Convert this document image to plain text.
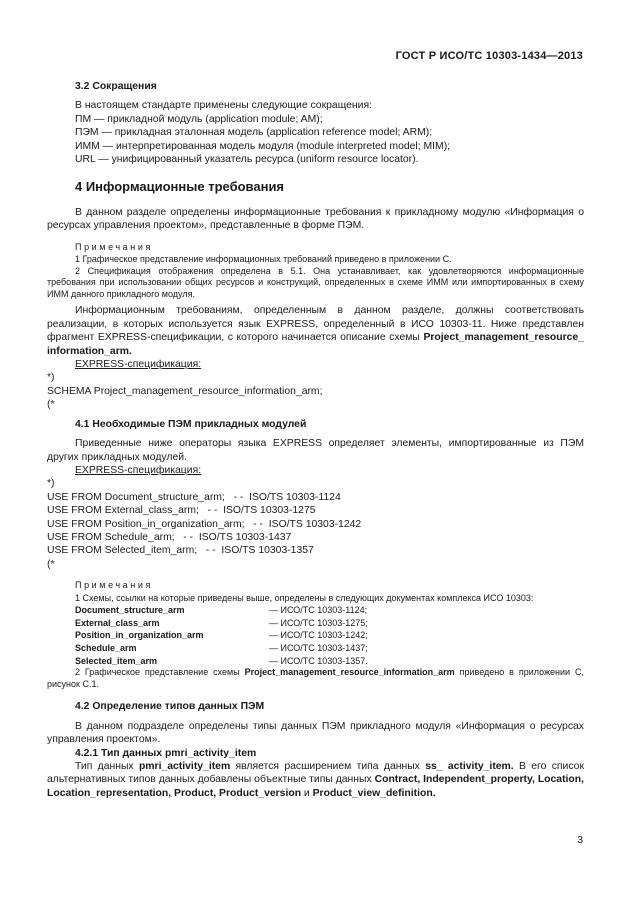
ГОСТ Р ИСО/ТС 10303-1434—2013
3.2 Сокращения
В настоящем стандарте применены следующие сокращения:
ПМ — прикладной модуль (application module; AM);
ПЭМ — прикладная эталонная модель (application reference model; ARM);
ИММ — интерпретированная модель модуля (module interpreted model; MIM);
URL — унифицированный указатель ресурса (uniform resource locator).
4 Информационные требования

В данном разделе определены информационные требования к прикладному модулю «Информация о ресурсах управления проектом», представленные в форме ПЭМ.

Примечания

1 Графическое представление информационных требований приведено в приложении С.

2 Спецификация отображения определена в 5.1. Она устанавливает, как удовлетворяются информационные требования при использовании общих ресурсов и конструкций, определенных в схеме ИММ или импортированных в схему ИММ данного прикладного модуля.

Информационным требованиям, определенным в данном разделе, должны соответствовать реализации, в которых используется язык EXPRESS, определенный в ИСО 10303-11. Ниже представлен фрагмент EXPRESS-спецификации, с которого начинается описание схемы Project_management_resource_ information_arm.

EXPRESS-спецификация:
*)
SCHEMA Project_management_resource_information_arm;
(*
4.1 Необходимые ПЭМ прикладных модулей

Приведенные ниже операторы языка EXPRESS определяет элементы, импортированные из ПЭМ других прикладных модулей.

EXPRESS-спецификация:
*)
USE FROM Document_structure_arm;   - -  ISO/TS 10303-1124
USE FROM External_class_arm;   - -  ISO/TS 10303-1275
USE FROM Position_in_organization_arm;   - -  ISO/TS 10303-1242
USE FROM Schedule_arm;   - -  ISO/TS 10303-1437
USE FROM Selected_item_arm;   - -  ISO/TS 10303-1357
(*
Примечания

1 Схемы, ссылки на которые приведены выше, определены в следующих документах комплекса ИСО 10303:

Document_structure_arm	— ИСО/ТС 10303-1124;
External_class_arm	— ИСО/ТС 10303-1275;
Position_in_organization_arm	— ИСО/ТС 10303-1242;
Schedule_arm	— ИСО/ТС 10303-1437;
Selected_item_arm	— ИСО/ТС 10303-1357.

2 Графическое представление схемы Project_management_resource_information_arm приведено в приложении С, рисунок С.1.

4.2 Определение типов данных ПЭМ

В данном подразделе определены типы данных ПЭМ прикладного модуля «Информация о ресурсах управления проектом».

4.2.1 Тип данных pmri_activity_item

Тип данных pmri_activity_item является расширением типа данных ss_ activity_item. В его список альтернативных типов данных добавлены объектные типы данных Contract, Independent_property, Location, Location_representation, Product, Product_version и Product_view_definition.

3
